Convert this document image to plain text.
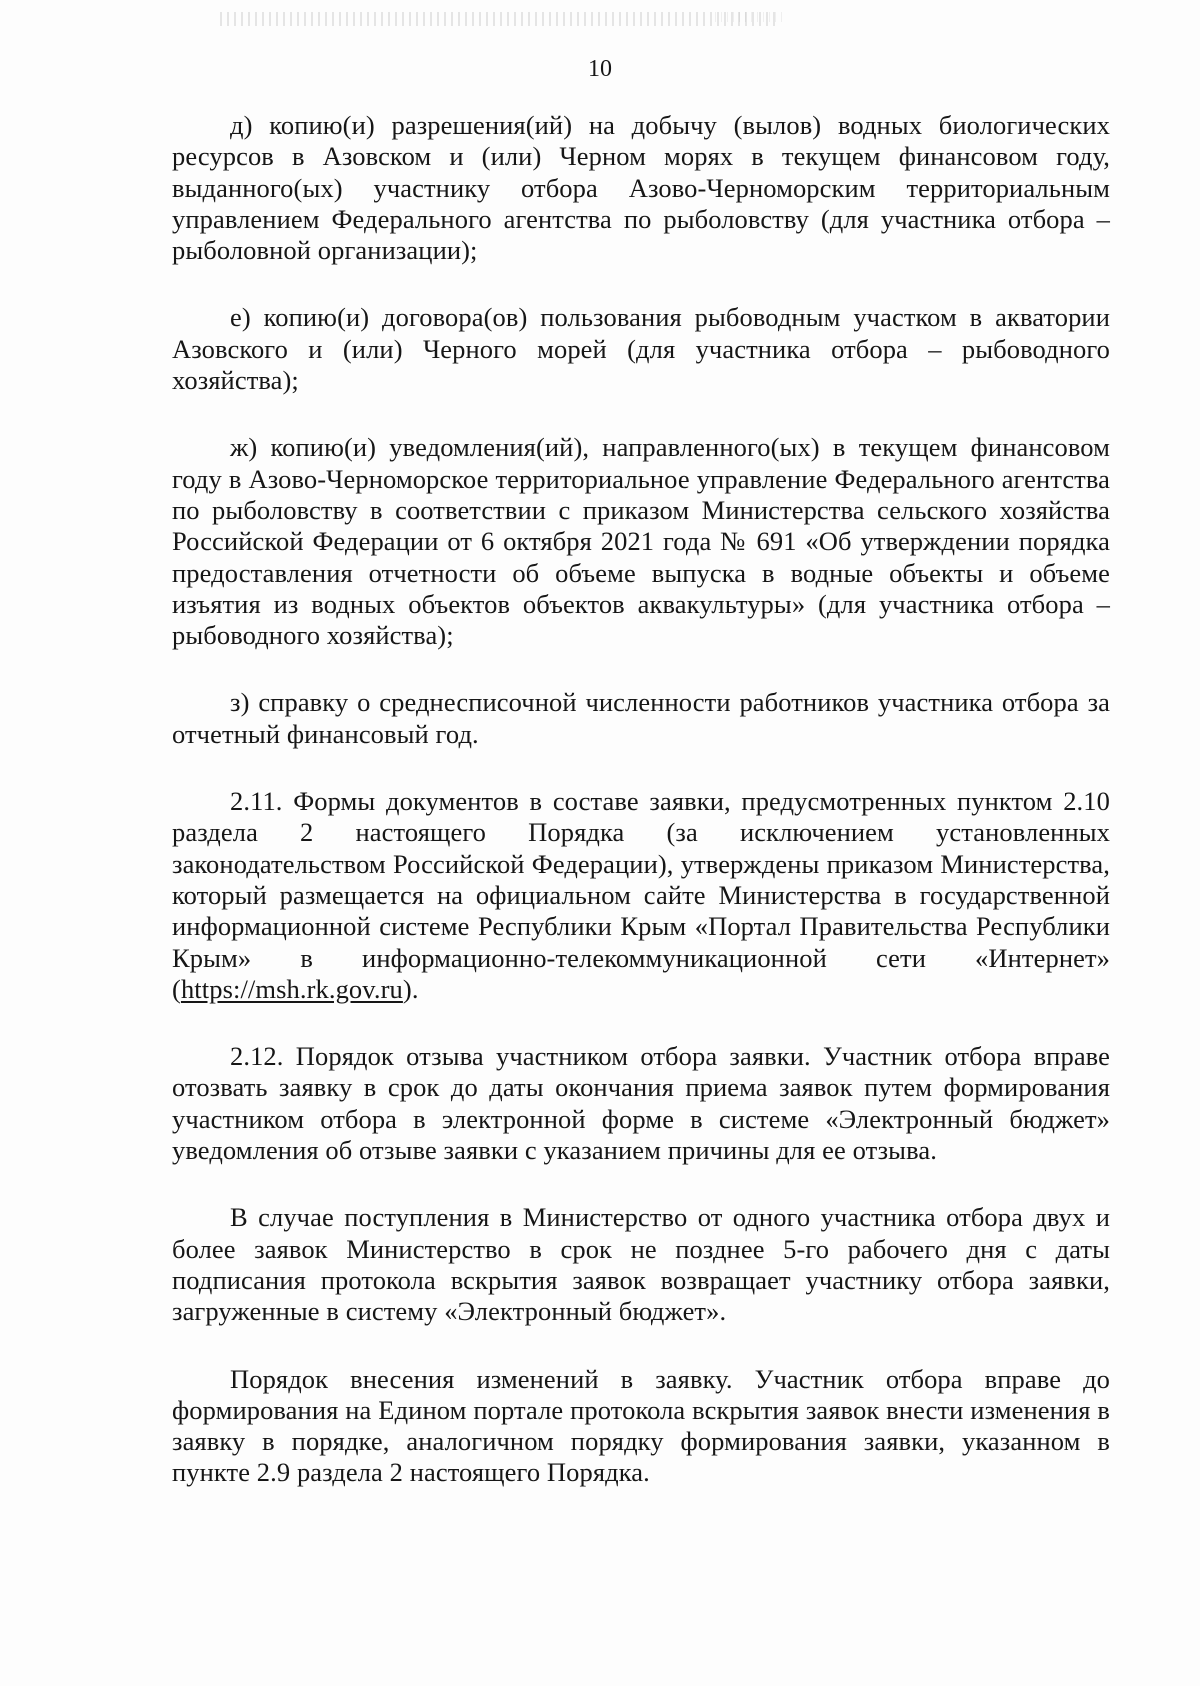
10

д) копию(и) разрешения(ий) на добычу (вылов) водных биологических ресурсов в Азовском и (или) Черном морях в текущем финансовом году, выданного(ых) участнику отбора Азово-Черноморским территориальным управлением Федерального агентства по рыболовству (для участника отбора – рыболовной организации);

е) копию(и) договора(ов) пользования рыбоводным участком в акватории Азовского и (или) Черного морей (для участника отбора – рыбоводного хозяйства);

ж) копию(и) уведомления(ий), направленного(ых) в текущем финансовом году в Азово-Черноморское территориальное управление Федерального агентства по рыболовству в соответствии с приказом Министерства сельского хозяйства Российской Федерации от 6 октября 2021 года № 691 «Об утверждении порядка предоставления отчетности об объеме выпуска в водные объекты и объеме изъятия из водных объектов объектов аквакультуры» (для участника отбора – рыбоводного хозяйства);

з) справку о среднесписочной численности работников участника отбора за отчетный финансовый год.

2.11. Формы документов в составе заявки, предусмотренных пунктом 2.10 раздела 2 настоящего Порядка (за исключением установленных законодательством Российской Федерации), утверждены приказом Министерства, который размещается на официальном сайте Министерства в государственной информационной системе Республики Крым «Портал Правительства Республики Крым» в информационно-телекоммуникационной сети «Интернет» (https://msh.rk.gov.ru).

2.12. Порядок отзыва участником отбора заявки. Участник отбора вправе отозвать заявку в срок до даты окончания приема заявок путем формирования участником отбора в электронной форме в системе «Электронный бюджет» уведомления об отзыве заявки с указанием причины для ее отзыва.

В случае поступления в Министерство от одного участника отбора двух и более заявок Министерство в срок не позднее 5-го рабочего дня с даты подписания протокола вскрытия заявок возвращает участнику отбора заявки, загруженные в систему «Электронный бюджет».

Порядок внесения изменений в заявку. Участник отбора вправе до формирования на Едином портале протокола вскрытия заявок внести изменения в заявку в порядке, аналогичном порядку формирования заявки, указанном в пункте 2.9 раздела 2 настоящего Порядка.
